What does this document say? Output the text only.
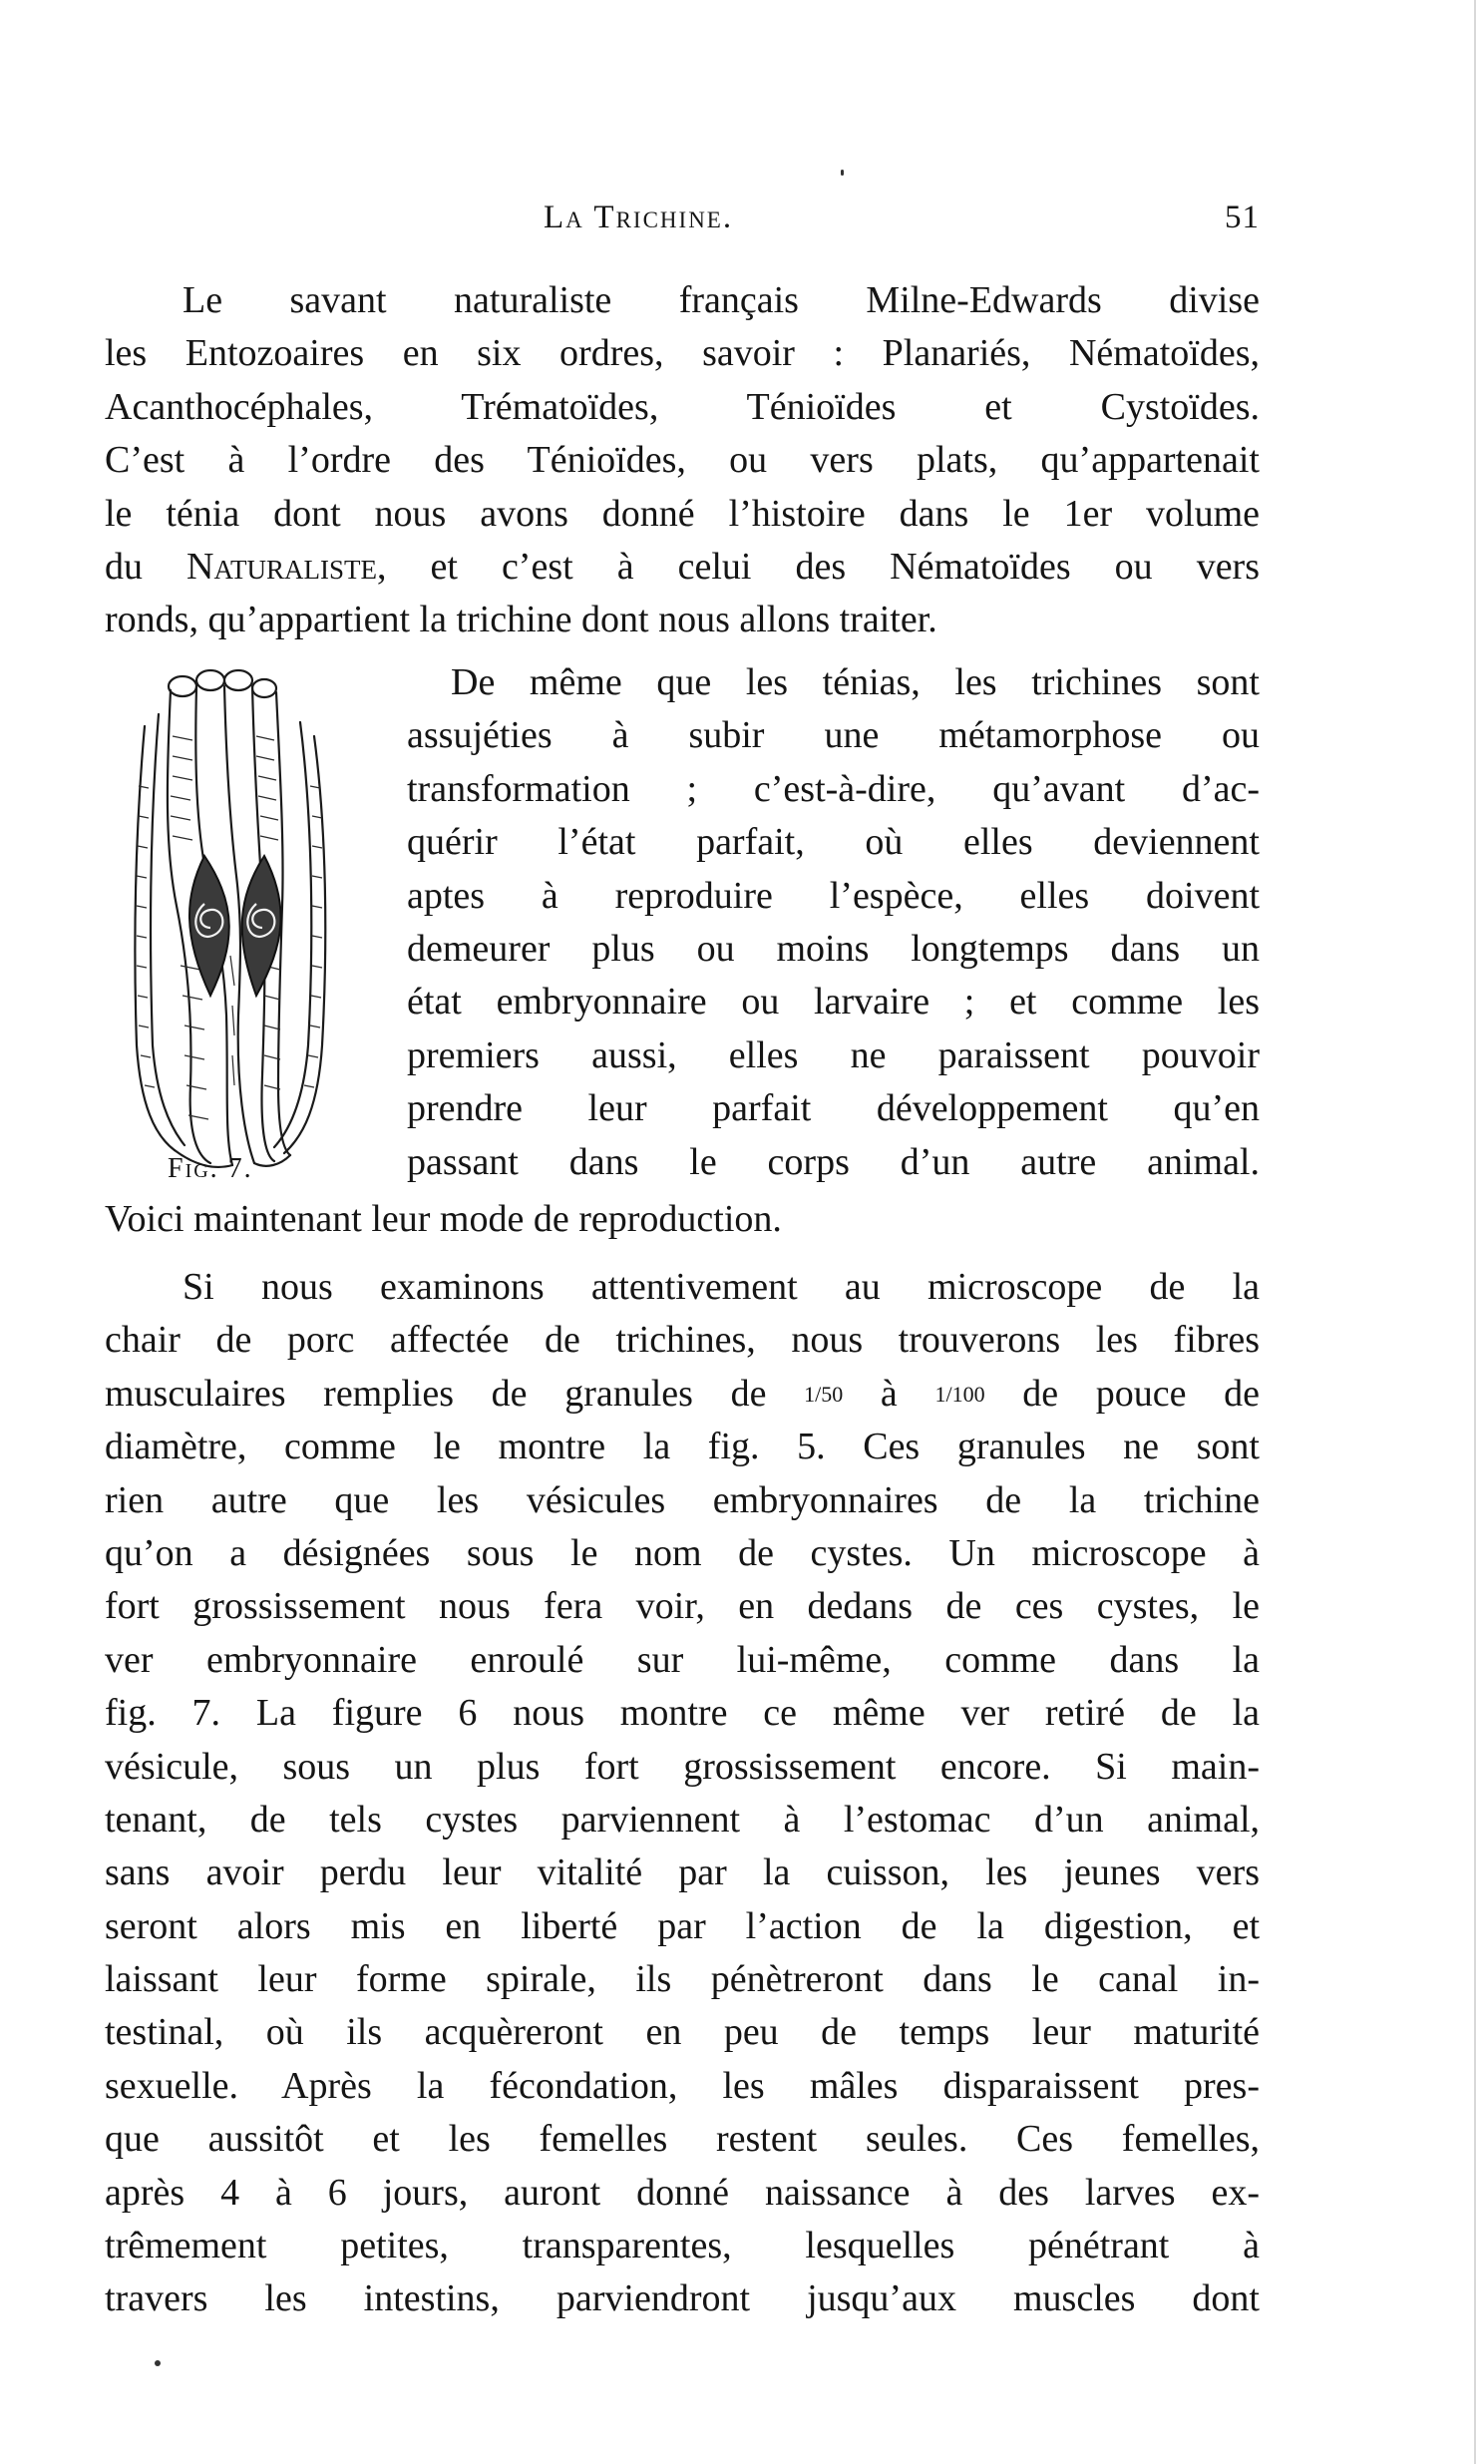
La Trichine.	51
Le savant naturaliste français Milne-Edwards divise
les Entozoaires en six ordres, savoir : Planariés, Nématoïdes,
Acanthocéphales, Trématoïdes, Ténioïdes et Cystoïdes.
C’est à l’ordre des Ténioïdes, ou vers plats, qu’appartenait
le ténia dont nous avons donné l’histoire dans le 1er volume
du Naturaliste, et c’est à celui des Nématoïdes ou vers
ronds, qu’appartient la trichine dont nous allons traiter.
Fig. 7.
De même que les ténias, les trichines sont
assujéties à subir une métamorphose ou
transformation ; c’est-à-dire, qu’avant d’ac-
quérir l’état parfait, où elles deviennent
aptes à reproduire l’espèce, elles doivent
demeurer plus ou moins longtemps dans un
état embryonnaire ou larvaire ; et comme les
premiers aussi, elles ne paraissent pouvoir
prendre leur parfait développement qu’en
passant dans le corps d’un autre animal.
Voici maintenant leur mode de reproduction.
Si nous examinons attentivement au microscope de la
chair de porc affectée de trichines, nous trouverons les fibres
musculaires remplies de granules de 1/50 à 1/100 de pouce de
diamètre, comme le montre la fig. 5. Ces granules ne sont
rien autre que les vésicules embryonnaires de la trichine
qu’on a désignées sous le nom de cystes. Un microscope à
fort grossissement nous fera voir, en dedans de ces cystes, le
ver embryonnaire enroulé sur lui-même, comme dans la
fig. 7. La figure 6 nous montre ce même ver retiré de la
vésicule, sous un plus fort grossissement encore. Si main-
tenant, de tels cystes parviennent à l’estomac d’un animal,
sans avoir perdu leur vitalité par la cuisson, les jeunes vers
seront alors mis en liberté par l’action de la digestion, et
laissant leur forme spirale, ils pénètreront dans le canal in-
testinal, où ils acquèreront en peu de temps leur maturité
sexuelle. Après la fécondation, les mâles disparaissent pres-
que aussitôt et les femelles restent seules. Ces femelles,
après 4 à 6 jours, auront donné naissance à des larves ex-
trêmement petites, transparentes, lesquelles pénétrant à
travers les intestins, parviendront jusqu’aux muscles dont
